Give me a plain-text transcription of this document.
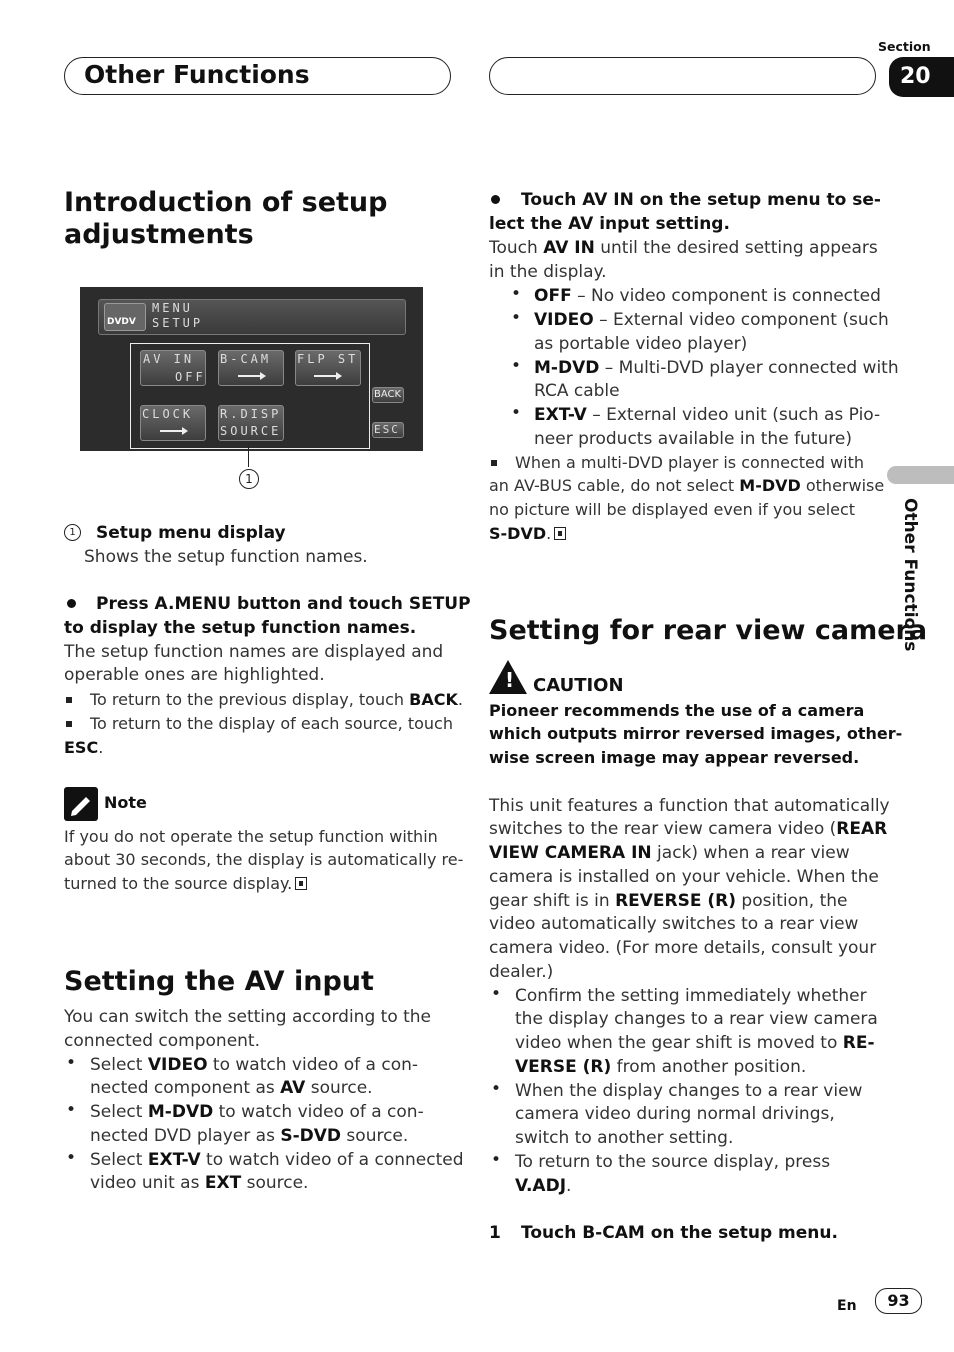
Other Functions
Section
20
Other Functions
Introduction of setup
adjustments
DVDV
MENU
SETUP
AV IN
OFF
B-CAM FLP ST
CLOCK R.DISP
SOURCE
BACK
ESC
1
1	Setup menu display
Shows the setup function names.
Press A.MENU button and touch SETUP
to display the setup function names.
The setup function names are displayed and
operable ones are highlighted.
To return to the previous display, touch BACK.
To return to the display of each source, touch
ESC.
Note
If you do not operate the setup function within
about 30 seconds, the display is automatically re-
turned to the source display.
Setting the AV input
You can switch the setting according to the
connected component.
• Select VIDEO to watch video of a con-
nected component as AV source.
• Select M-DVD to watch video of a con-
nected DVD player as S-DVD source.
• Select EXT-V to watch video of a connected
video unit as EXT source.
Touch AV IN on the setup menu to se-
lect the AV input setting.
Touch AV IN until the desired setting appears
in the display.
• OFF – No video component is connected
• VIDEO – External video component (such
as portable video player)
• M-DVD – Multi-DVD player connected with
RCA cable
• EXT-V – External video unit (such as Pio-
neer products available in the future)
When a multi-DVD player is connected with
an AV-BUS cable, do not select M-DVD otherwise
no picture will be displayed even if you select
S-DVD.
Setting for rear view camera
! CAUTION
Pioneer recommends the use of a camera
which outputs mirror reversed images, other-
wise screen image may appear reversed.
This unit features a function that automatically
switches to the rear view camera video (REAR
VIEW CAMERA IN jack) when a rear view
camera is installed on your vehicle. When the
gear shift is in REVERSE (R) position, the
video automatically switches to a rear view
camera video. (For more details, consult your
dealer.)
• Confirm the setting immediately whether
the display changes to a rear view camera
video when the gear shift is moved to RE-
VERSE (R) from another position.
• When the display changes to a rear view
camera video during normal drivings,
switch to another setting.
• To return to the source display, press
V.ADJ.
1 Touch B-CAM on the setup menu.
En	93
